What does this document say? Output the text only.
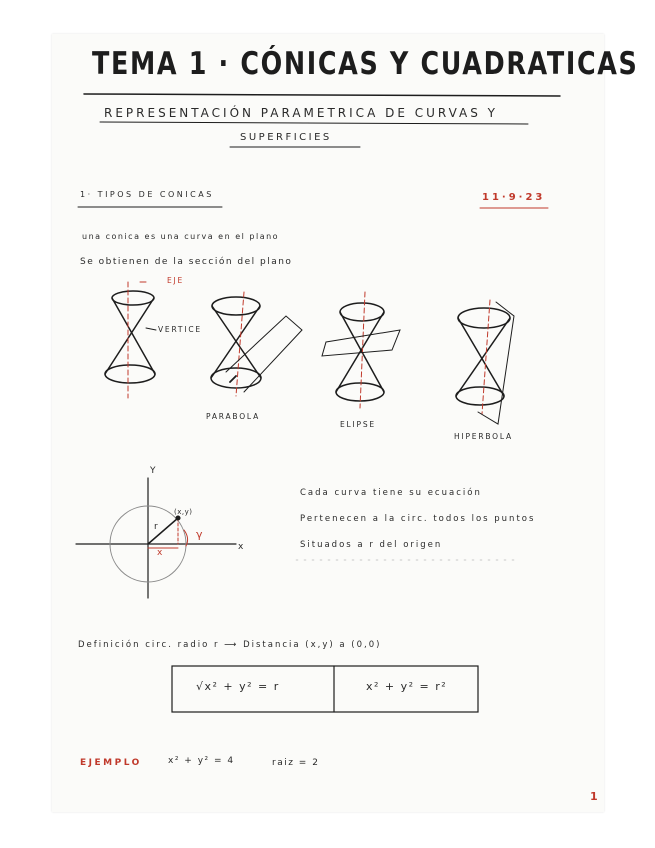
TEMA 1 · CÓNICAS Y CUADRATICAS
REPRESENTACIÓN PARAMETRICA DE CURVAS Y
SUPERFICIES
1· TIPOS DE CONICAS	11·9·23
una conica es una curva en el plano
Se obtienen de la sección del plano
EJE
VERTICE
PARABOLA
ELIPSE
HIPERBOLA
Y
x
(x,y)
r
γ
x
Cada curva tiene su ecuación
Pertenecen a la circ. todos los puntos
Situados a r del origen
Definición circ. radio r ⟶ Distancia (x,y) a (0,0)
√x² + y² = r	x² + y² = r²
EJEMPLO	x² + y² = 4	raiz = 2
1
